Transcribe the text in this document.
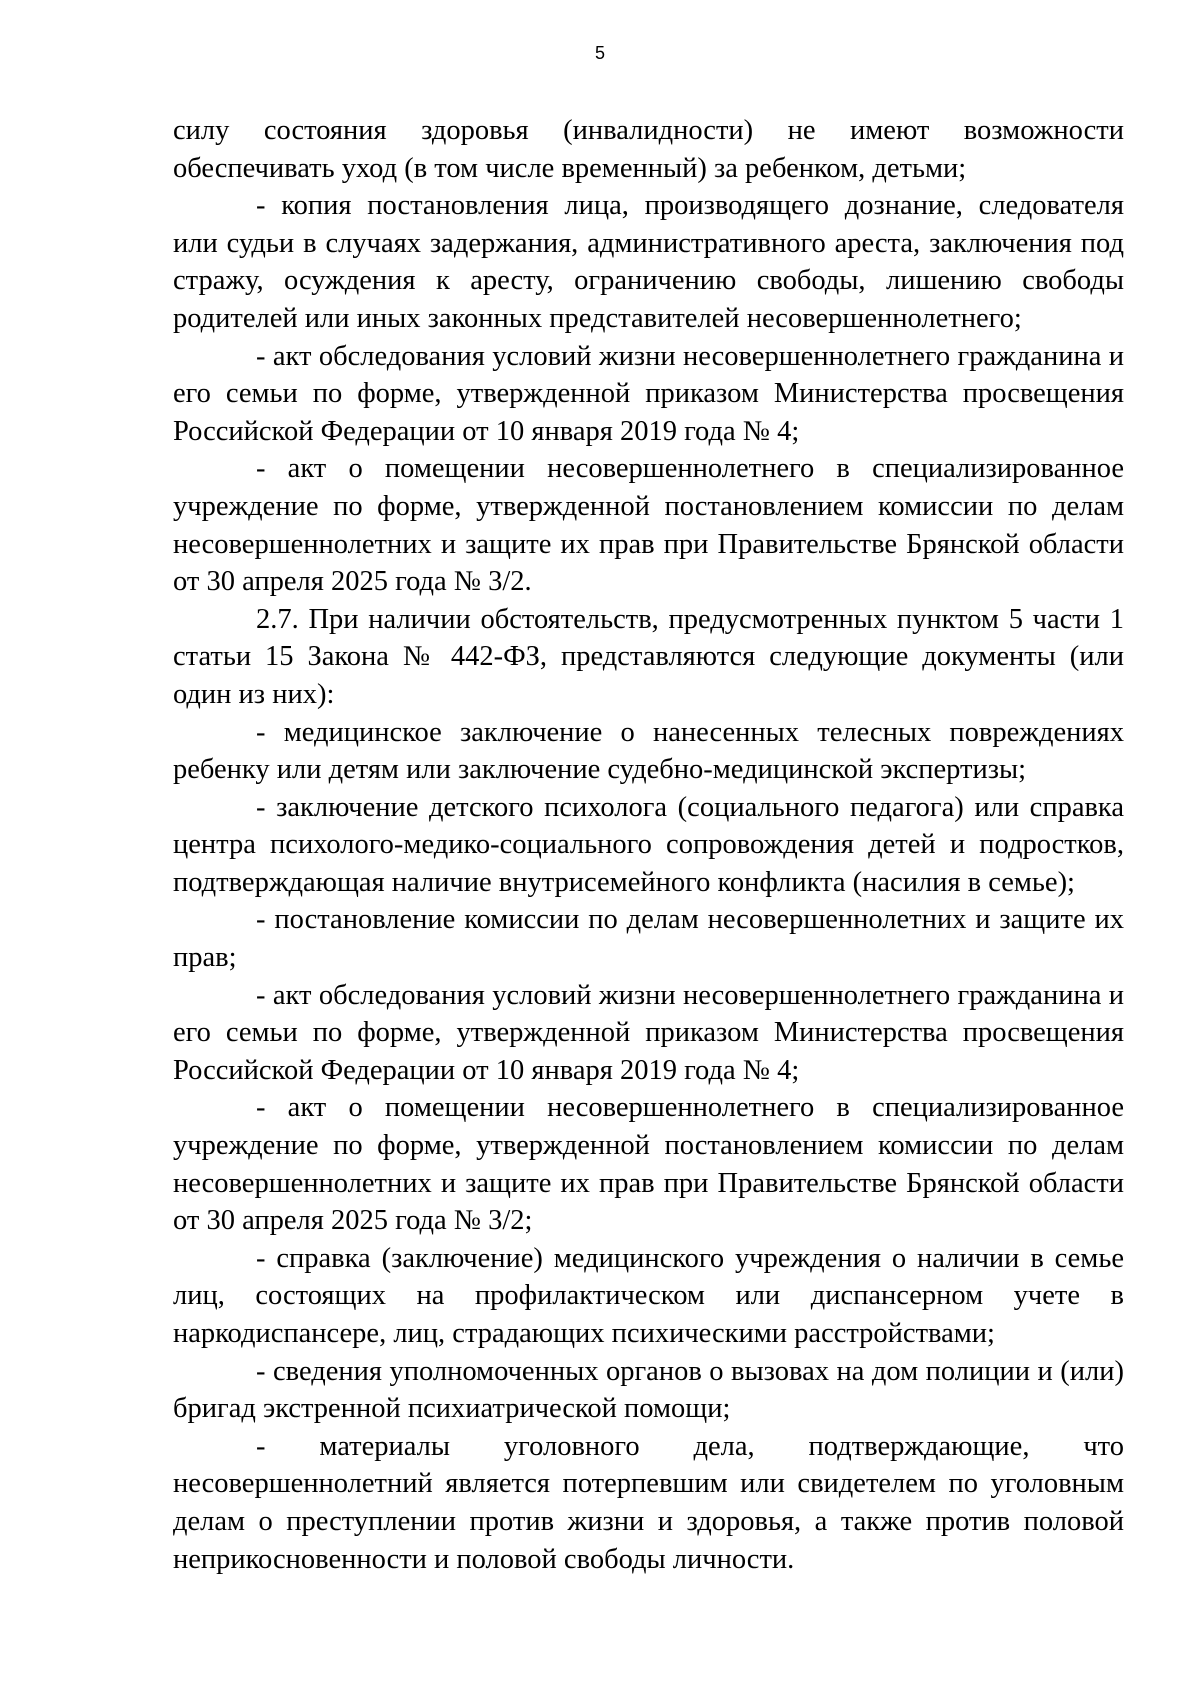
5

силу состояния здоровья (инвалидности) не имеют возможности обеспечивать уход (в том числе временный) за ребенком, детьми;

- копия постановления лица, производящего дознание, следователя или судьи в случаях задержания, административного ареста, заключения под стражу, осуждения к аресту, ограничению свободы, лишению свободы родителей или иных законных представителей несовершеннолетнего;

- акт обследования условий жизни несовершеннолетнего гражданина и его семьи по форме, утвержденной приказом Министерства просвещения Российской Федерации от 10 января 2019 года № 4;

- акт о помещении несовершеннолетнего в специализированное учреждение по форме, утвержденной постановлением комиссии по делам несовершеннолетних и защите их прав при Правительстве Брянской области от 30 апреля 2025 года № 3/2.

2.7. При наличии обстоятельств, предусмотренных пунктом 5 части 1 статьи 15 Закона № 442-ФЗ, представляются следующие документы (или один из них):

- медицинское заключение о нанесенных телесных повреждениях ребенку или детям или заключение судебно-медицинской экспертизы;

- заключение детского психолога (социального педагога) или справка центра психолого-медико-социального сопровождения детей и подростков, подтверждающая наличие внутрисемейного конфликта (насилия в семье);

- постановление комиссии по делам несовершеннолетних и защите их прав;

- акт обследования условий жизни несовершеннолетнего гражданина и его семьи по форме, утвержденной приказом Министерства просвещения Российской Федерации от 10 января 2019 года № 4;

- акт о помещении несовершеннолетнего в специализированное учреждение по форме, утвержденной постановлением комиссии по делам несовершеннолетних и защите их прав при Правительстве Брянской области от 30 апреля 2025 года № 3/2;

- справка (заключение) медицинского учреждения о наличии в семье лиц, состоящих на профилактическом или диспансерном учете в наркодиспансере, лиц, страдающих психическими расстройствами;

- сведения уполномоченных органов о вызовах на дом полиции и (или) бригад экстренной психиатрической помощи;

- материалы уголовного дела, подтверждающие, что несовершеннолетний является потерпевшим или свидетелем по уголовным делам о преступлении против жизни и здоровья, а также против половой неприкосновенности и половой свободы личности.
